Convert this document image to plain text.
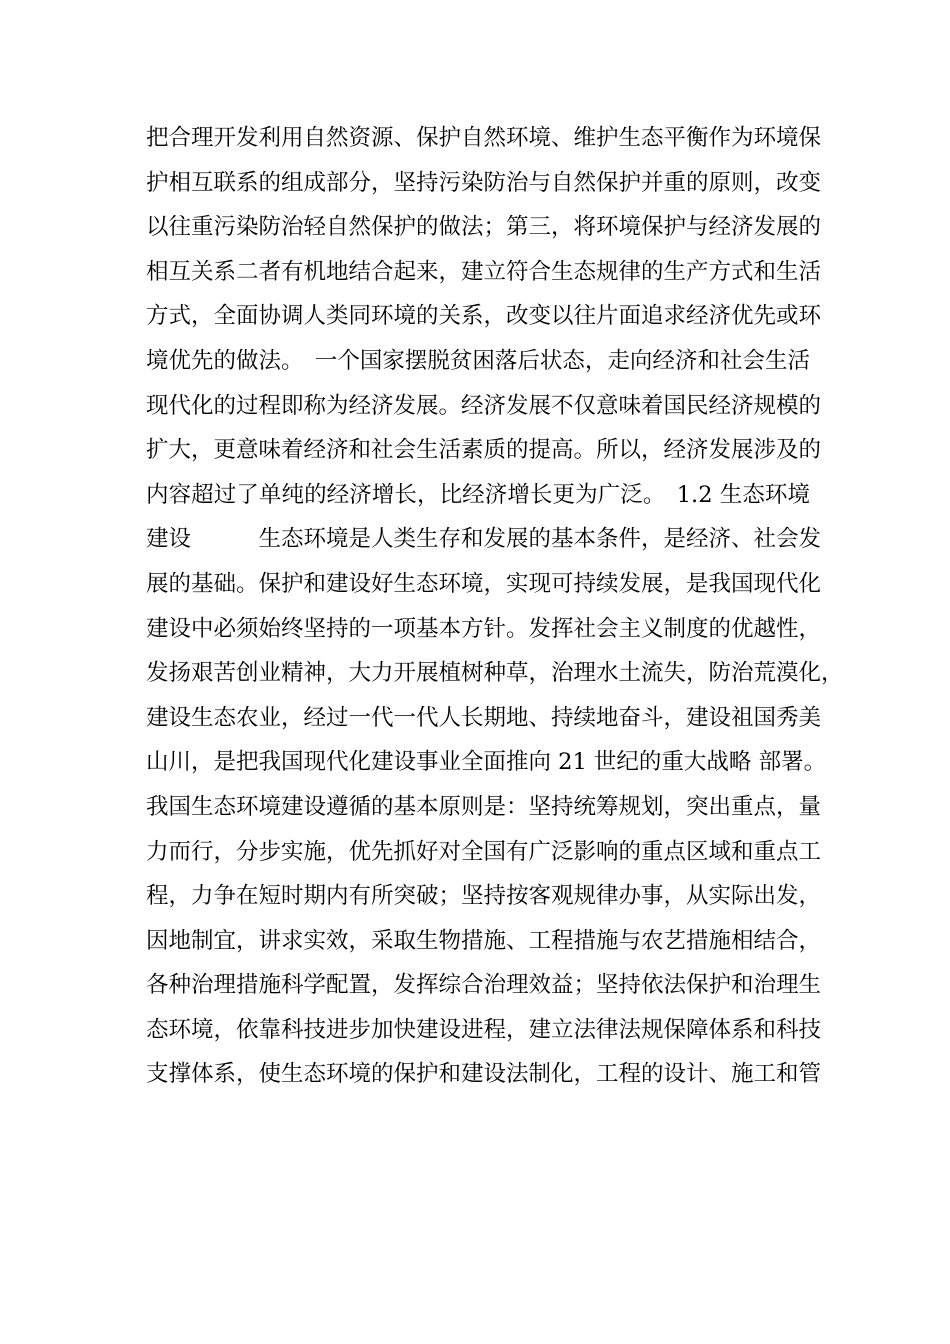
把合理开发利用自然资源、保护自然环境、维护生态平衡作为环境保
护相互联系的组成部分，坚持污染防治与自然保护并重的原则，改变
以往重污染防治轻自然保护的做法；第三，将环境保护与经济发展的
相互关系二者有机地结合起来，建立符合生态规律的生产方式和生活
方式，全面协调人类同环境的关系，改变以往片面追求经济优先或环
境优先的做法。　一个国家摆脱贫困落后状态，走向经济和社会生活
现代化的过程即称为经济发展。经济发展不仅意味着国民经济规模的
扩大，更意味着经济和社会生活素质的提高。所以，经济发展涉及的
内容超过了单纯的经济增长，比经济增长更为广泛。　1.2 生态环境
建设　　　生态环境是人类生存和发展的基本条件，是经济、社会发
展的基础。保护和建设好生态环境，实现可持续发展，是我国现代化
建设中必须始终坚持的一项基本方针。发挥社会主义制度的优越性，
发扬艰苦创业精神，大力开展植树种草，治理水土流失，防治荒漠化，
建设生态农业，经过一代一代人长期地、持续地奋斗，建设祖国秀美
山川，是把我国现代化建设事业全面推向 21 世纪的重大战略 部署。
我国生态环境建设遵循的基本原则是：坚持统筹规划，突出重点，量
力而行，分步实施，优先抓好对全国有广泛影响的重点区域和重点工
程，力争在短时期内有所突破；坚持按客观规律办事，从实际出发，
因地制宜，讲求实效，采取生物措施、工程措施与农艺措施相结合，
各种治理措施科学配置，发挥综合治理效益；坚持依法保护和治理生
态环境，依靠科技进步加快建设进程，建立法律法规保障体系和科技
支撑体系，使生态环境的保护和建设法制化，工程的设计、施工和管
